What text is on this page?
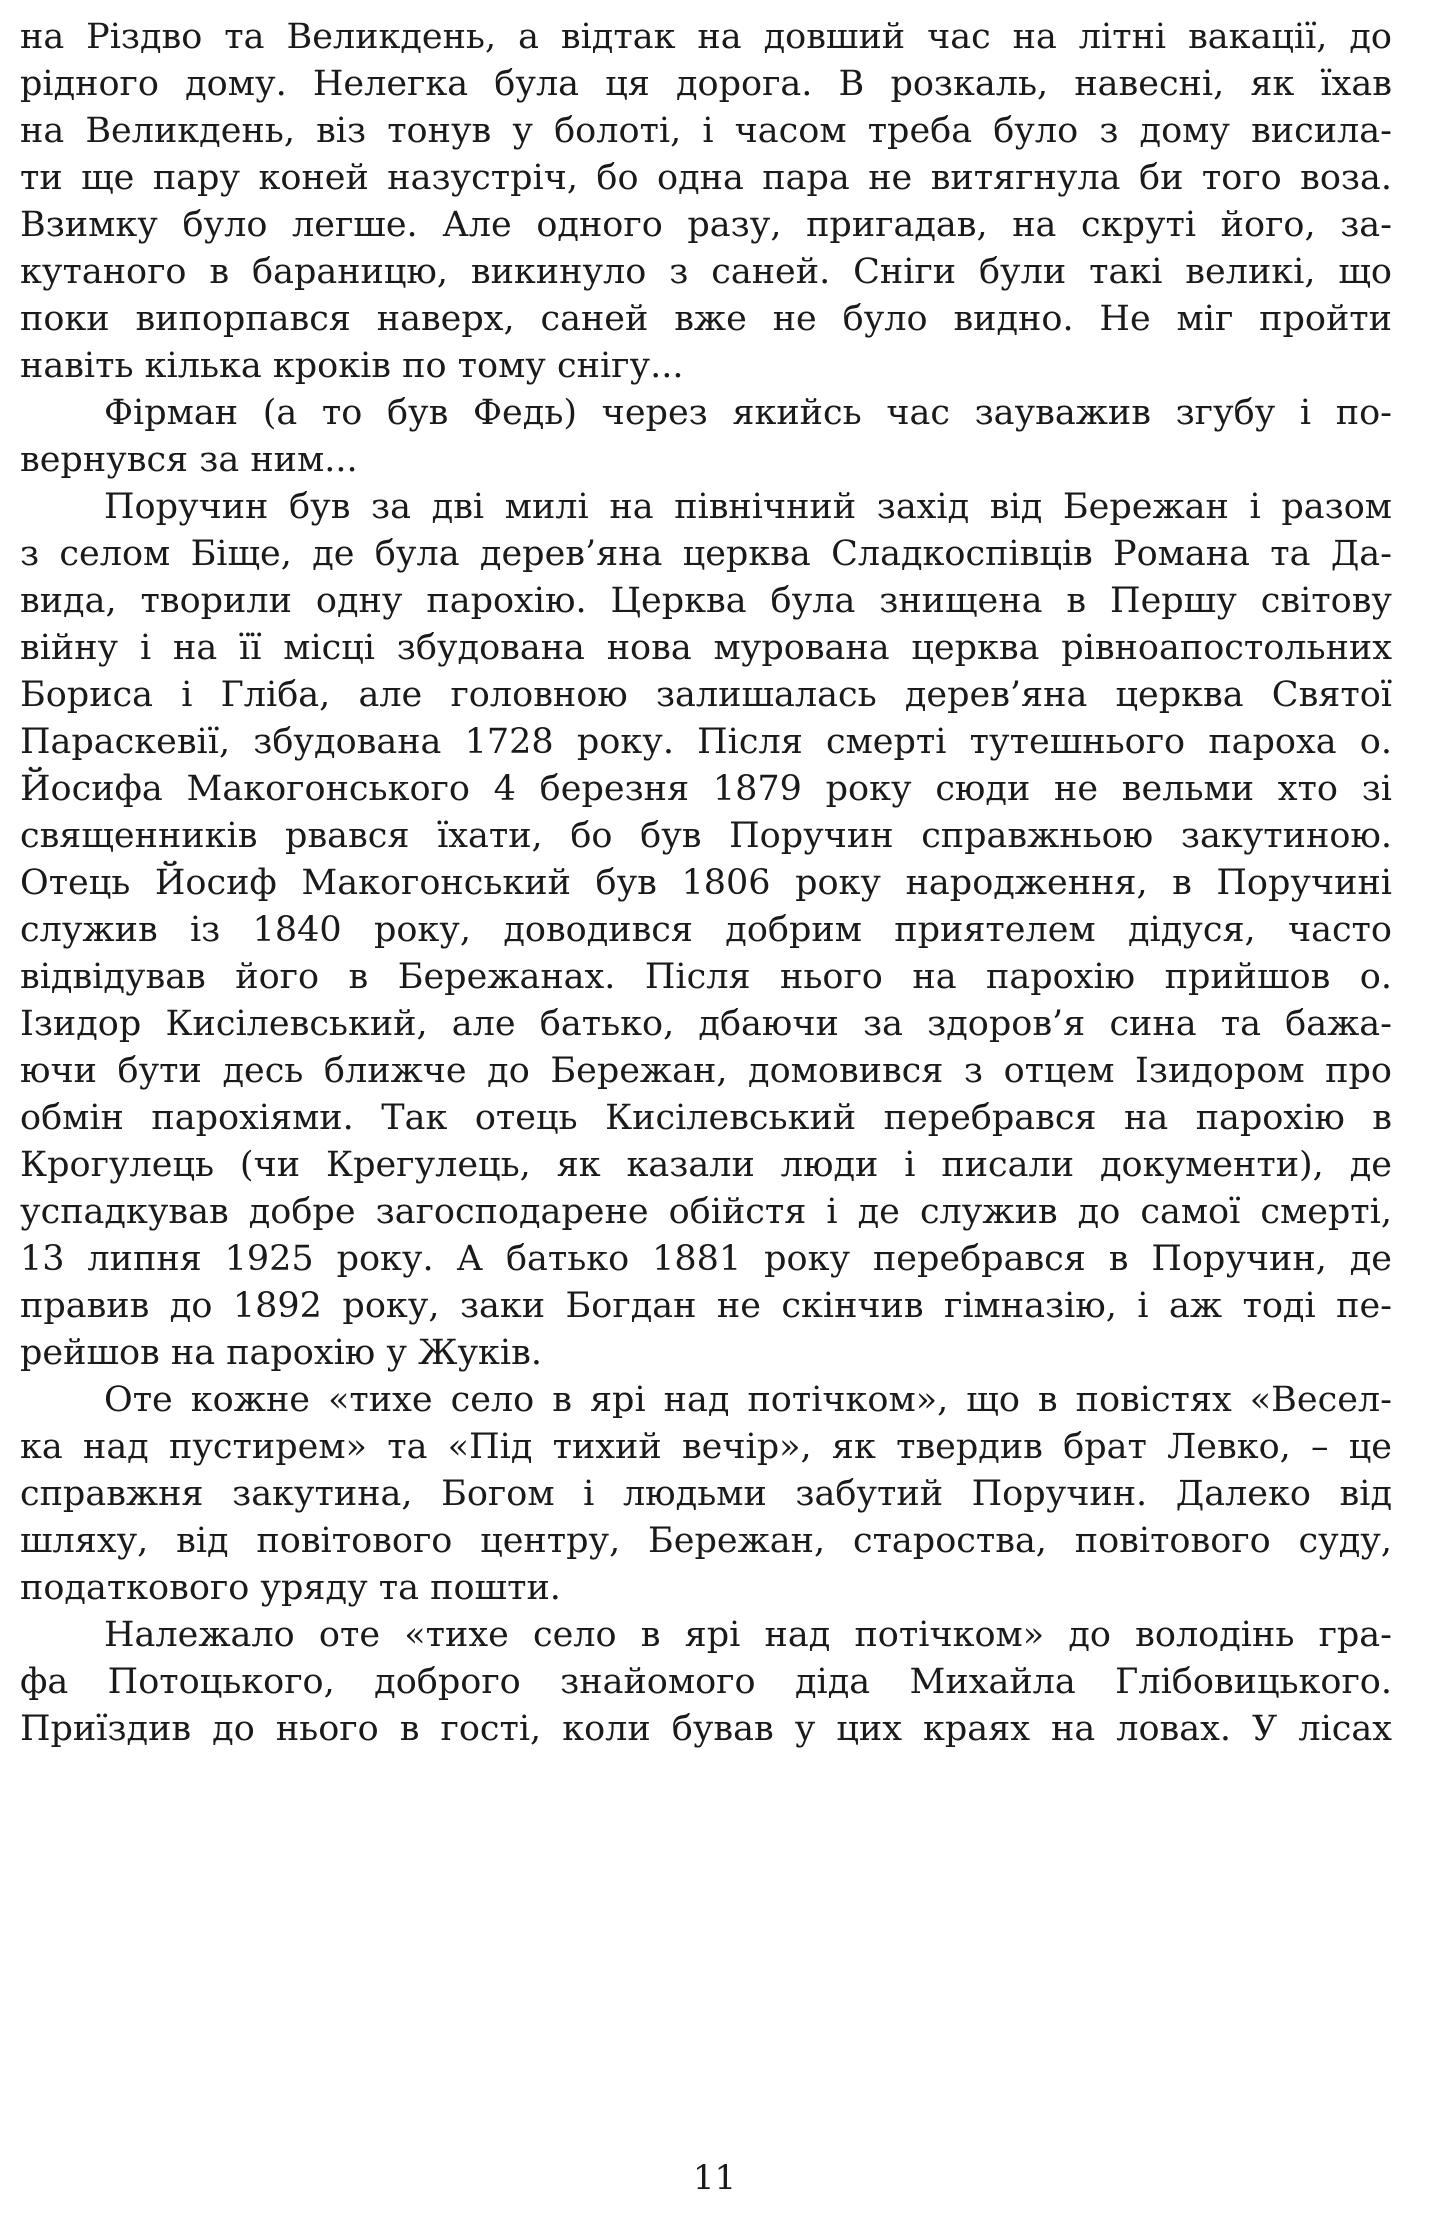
на Різдво та Великдень, а відтак на довший час на літні вакації, до
рідного дому. Нелегка була ця дорога. В розкаль, навесні, як їхав
на Великдень, віз тонув у болоті, і часом треба було з дому висила-
ти ще пару коней назустріч, бо одна пара не витягнула би того воза.
Взимку було легше. Але одного разу, пригадав, на скруті його, за-
кутаного в бараницю, викинуло з саней. Сніги були такі великі, що
поки випорпався наверх, саней вже не було видно. Не міг пройти
навіть кілька кроків по тому снігу...
Фірман (а то був Федь) через якийсь час зауважив згубу і по-
вернувся за ним...
Поручин був за дві милі на північний захід від Бережан і разом
з селом Біще, де була дерев’яна церква Сладкоспівців Романа та Да-
вида, творили одну парохію. Церква була знищена в Першу світову
війну і на її місці збудована нова мурована церква рівноапостольних
Бориса і Гліба, але головною залишалась дерев’яна церква Святої
Параскевії, збудована 1728 року. Після смерті тутешнього пароха о.
Йосифа Макогонського 4 березня 1879 року сюди не вельми хто зі
священників рвався їхати, бо був Поручин справжньою закутиною.
Отець Йосиф Макогонський був 1806 року народження, в Поручині
служив із 1840 року, доводився добрим приятелем дідуся, часто
відвідував його в Бережанах. Після нього на парохію прийшов о.
Ізидор Кисілевський, але батько, дбаючи за здоров’я сина та бажа-
ючи бути десь ближче до Бережан, домовився з отцем Ізидором про
обмін парохіями. Так отець Кисілевський перебрався на парохію в
Крогулець (чи Крегулець, як казали люди і писали документи), де
успадкував добре загосподарене обійстя і де служив до самої смерті,
13 липня 1925 року. А батько 1881 року перебрався в Поручин, де
правив до 1892 року, заки Богдан не скінчив гімназію, і аж тоді пе-
рейшов на парохію у Жуків.
Оте кожне «тихе село в ярі над потічком», що в повістях «Весел-
ка над пустирем» та «Під тихий вечір», як твердив брат Левко, – це
справжня закутина, Богом і людьми забутий Поручин. Далеко від
шляху, від повітового центру, Бережан, староства, повітового суду,
податкового уряду та пошти.
Належало оте «тихе село в ярі над потічком» до володінь гра-
фа Потоцького, доброго знайомого діда Михайла Глібовицького.
Приїздив до нього в гості, коли бував у цих краях на ловах. У лісах
11
